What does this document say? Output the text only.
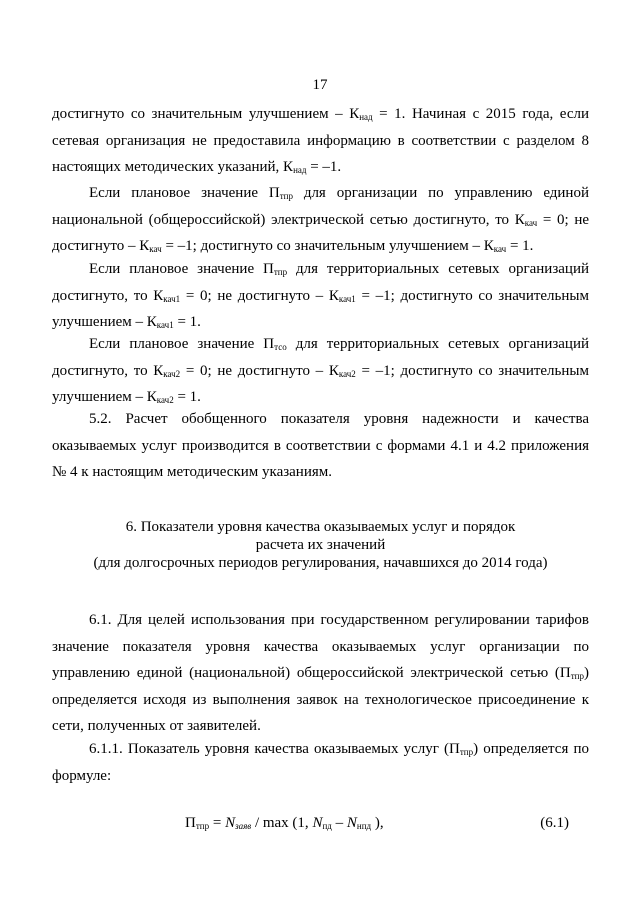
17

достигнуто со значительным улучшением – $К_{над} = 1$. Начиная с 2015 года, если сетевая организация не предоставила информацию в соответствии с разделом 8 настоящих методических указаний, $К_{над} = -1$.

Если плановое значение $П_{тпр}$ для организации по управлению единой национальной (общероссийской) электрической сетью достигнуто, то $К_{кач} = 0$; не достигнуто – $К_{кач} = -1$; достигнуто со значительным улучшением – $К_{кач} = 1$.

Если плановое значение $П_{тпр}$ для территориальных сетевых организаций достигнуто, то $К_{кач1} = 0$; не достигнуто – $К_{кач1} = -1$; достигнуто со значительным улучшением – $К_{кач1} = 1$.

Если плановое значение $П_{тсо}$ для территориальных сетевых организаций достигнуто, то $К_{кач2} = 0$; не достигнуто – $К_{кач2} = -1$; достигнуто со значительным улучшением – $К_{кач2} = 1$.

5.2. Расчет обобщенного показателя уровня надежности и качества оказываемых услуг производится в соответствии с формами 4.1 и 4.2 приложения № 4 к настоящим методическим указаниям.

6. Показатели уровня качества оказываемых услуг и порядок
расчета их значений
(для долгосрочных периодов регулирования, начавшихся до 2014 года)

6.1. Для целей использования при государственном регулировании тарифов значение показателя уровня качества оказываемых услуг организации по управлению единой (национальной) общероссийской электрической сетью $(П_{тпр})$ определяется исходя из выполнения заявок на технологическое присоединение к сети, полученных от заявителей.

6.1.1. Показатель уровня качества оказываемых услуг $(П_{тпр})$ определяется по формуле:

$П_{тпр} = N_{заяв} / \max (1$, $N_{пд} - N_{нпд}$ ),	(6.1)
